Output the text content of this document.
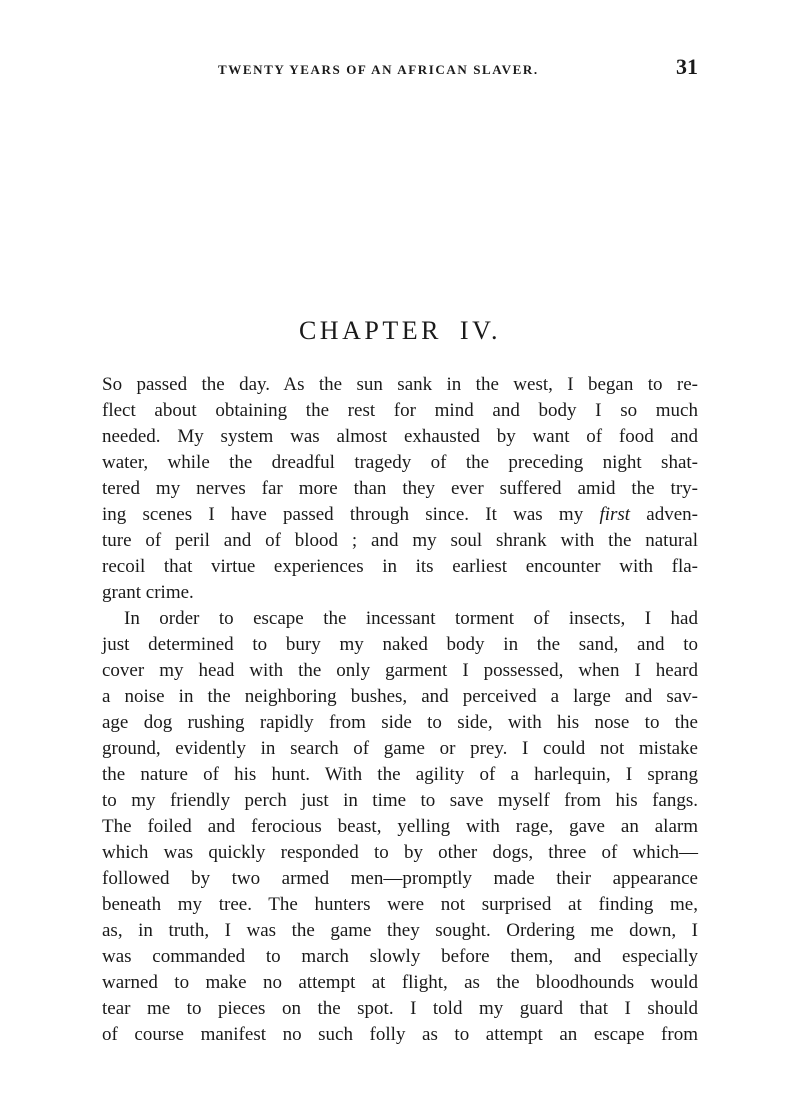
TWENTY YEARS OF AN AFRICAN SLAVER.	31
CHAPTER IV.
So passed the day. As the sun sank in the west, I began to re-
flect about obtaining the rest for mind and body I so much
needed. My system was almost exhausted by want of food and
water, while the dreadful tragedy of the preceding night shat-
tered my nerves far more than they ever suffered amid the try-
ing scenes I have passed through since. It was my first adven-
ture of peril and of blood ; and my soul shrank with the natural
recoil that virtue experiences in its earliest encounter with fla-
grant crime.
In order to escape the incessant torment of insects, I had
just determined to bury my naked body in the sand, and to
cover my head with the only garment I possessed, when I heard
a noise in the neighboring bushes, and perceived a large and sav-
age dog rushing rapidly from side to side, with his nose to the
ground, evidently in search of game or prey. I could not mistake
the nature of his hunt. With the agility of a harlequin, I sprang
to my friendly perch just in time to save myself from his fangs.
The foiled and ferocious beast, yelling with rage, gave an alarm
which was quickly responded to by other dogs, three of which—
followed by two armed men—promptly made their appearance
beneath my tree. The hunters were not surprised at finding me,
as, in truth, I was the game they sought. Ordering me down, I
was commanded to march slowly before them, and especially
warned to make no attempt at flight, as the bloodhounds would
tear me to pieces on the spot. I told my guard that I should
of course manifest no such folly as to attempt an escape from
